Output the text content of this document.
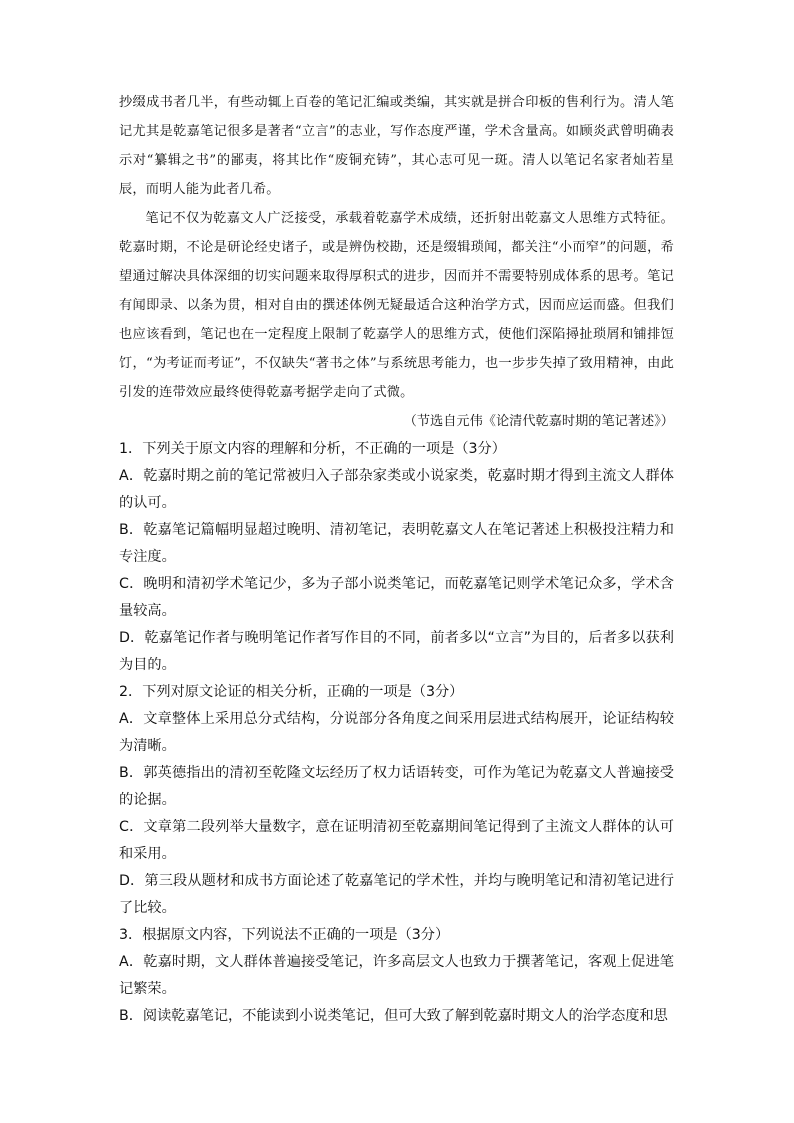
抄缀成书者几半，有些动辄上百卷的笔记汇编或类编，其实就是拼合印板的售利行为。清人笔记尤其是乾嘉笔记很多是著者“立言”的志业，写作态度严谨，学术含量高。如顾炎武曾明确表示对“纂辑之书”的鄙夷，将其比作“废铜充铸”，其心志可见一斑。清人以笔记名家者灿若星辰，而明人能为此者几希。

笔记不仅为乾嘉文人广泛接受，承载着乾嘉学术成绩，还折射出乾嘉文人思维方式特征。乾嘉时期，不论是研论经史诸子，或是辨伪校勘，还是缀辑琐闻，都关注“小而窄”的问题，希望通过解决具体深细的切实问题来取得厚积式的进步，因而并不需要特别成体系的思考。笔记有闻即录、以条为贯，相对自由的撰述体例无疑最适合这种治学方式，因而应运而盛。但我们也应该看到，笔记也在一定程度上限制了乾嘉学人的思维方式，使他们深陷撏扯琐屑和铺排饾饤，“为考证而考证”，不仅缺失“著书之体”与系统思考能力，也一步步失掉了致用精神，由此引发的连带效应最终使得乾嘉考据学走向了式微。

（节选自元伟《论清代乾嘉时期的笔记著述》）

1．下列关于原文内容的理解和分析，不正确的一项是（3分）

A．乾嘉时期之前的笔记常被归入子部杂家类或小说家类，乾嘉时期才得到主流文人群体的认可。

B．乾嘉笔记篇幅明显超过晚明、清初笔记，表明乾嘉文人在笔记著述上积极投注精力和专注度。

C．晚明和清初学术笔记少，多为子部小说类笔记，而乾嘉笔记则学术笔记众多，学术含量较高。

D．乾嘉笔记作者与晚明笔记作者写作目的不同，前者多以“立言”为目的，后者多以获利为目的。

2．下列对原文论证的相关分析，正确的一项是（3分）

A．文章整体上采用总分式结构，分说部分各角度之间采用层进式结构展开，论证结构较为清晰。

B．郭英德指出的清初至乾隆文坛经历了权力话语转变，可作为笔记为乾嘉文人普遍接受的论据。

C．文章第二段列举大量数字，意在证明清初至乾嘉期间笔记得到了主流文人群体的认可和采用。

D．第三段从题材和成书方面论述了乾嘉笔记的学术性，并均与晚明笔记和清初笔记进行了比较。

3．根据原文内容，下列说法不正确的一项是（3分）

A．乾嘉时期，文人群体普遍接受笔记，许多高层文人也致力于撰著笔记，客观上促进笔记繁荣。

B．阅读乾嘉笔记，不能读到小说类笔记，但可大致了解到乾嘉时期文人的治学态度和思
